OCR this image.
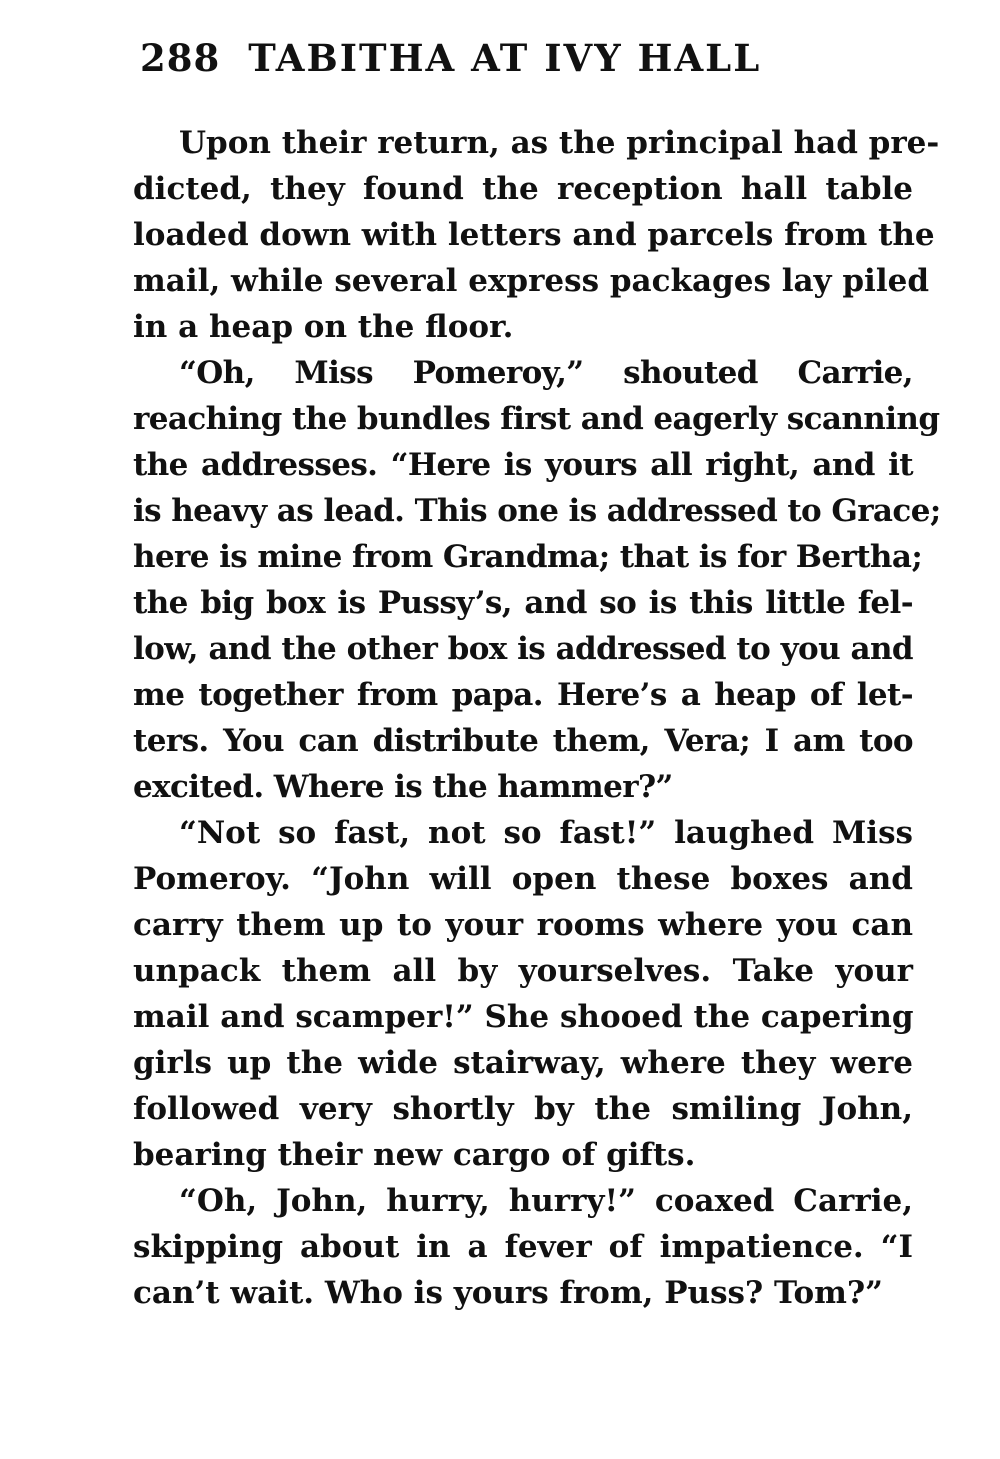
288 TABITHA AT IVY HALL

Upon their return, as the principal had pre-
dicted, they found the reception hall table
loaded down with letters and parcels from the
mail, while several express packages lay piled
in a heap on the floor.

“Oh, Miss Pomeroy,” shouted Carrie,
reaching the bundles first and eagerly scanning
the addresses. “Here is yours all right, and it
is heavy as lead. This one is addressed to Grace;
here is mine from Grandma; that is for Bertha;
the big box is Pussy’s, and so is this little fel-
low, and the other box is addressed to you and
me together from papa. Here’s a heap of let-
ters. You can distribute them, Vera; I am too
excited. Where is the hammer?”

“Not so fast, not so fast!” laughed Miss
Pomeroy. “John will open these boxes and
carry them up to your rooms where you can
unpack them all by yourselves. Take your
mail and scamper!” She shooed the capering
girls up the wide stairway, where they were
followed very shortly by the smiling John,
bearing their new cargo of gifts.

“Oh, John, hurry, hurry!” coaxed Carrie,
skipping about in a fever of impatience. “I
can’t wait. Who is yours from, Puss? Tom?”
